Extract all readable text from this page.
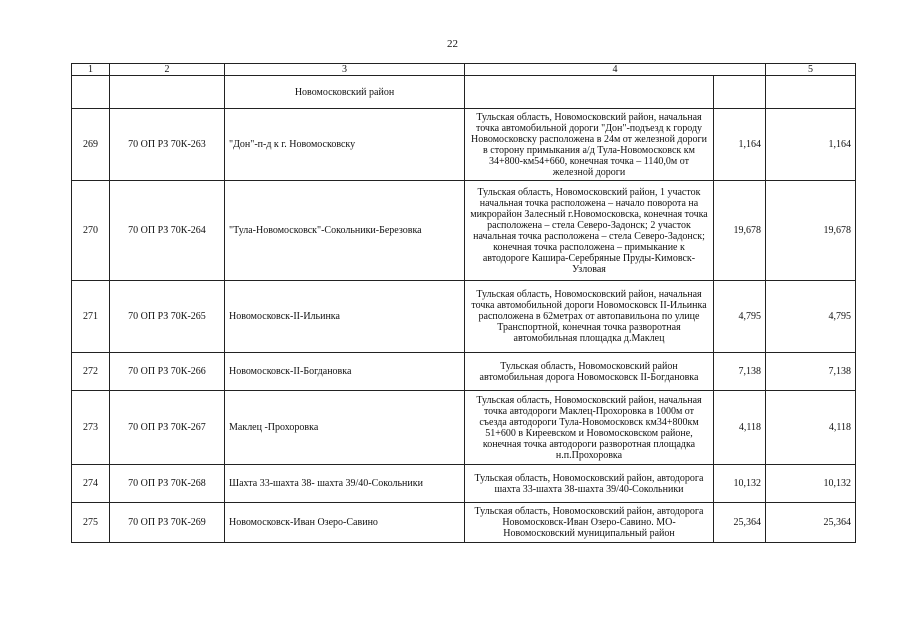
22
1	2	3	4		5
		Новомосковский район			
269	70 ОП РЗ 70К-263	"Дон"-п-д к г. Новомосковску	Тульская область, Новомосковский район, начальная точка автомобильной дороги "Дон"-подъезд к городу Новомосковску расположена в 24м от железной дороги в сторону примыкания а/д Тула-Новомосковск км 34+800-км54+660, конечная точка – 1140,0м от железной дороги	1,164	1,164
270	70 ОП РЗ 70К-264	"Тула-Новомосковск"-Сокольники-Березовка	Тульская область, Новомосковский район, 1 участок начальная точка расположена – начало поворота на микрорайон Залесный г.Новомосковска, конечная точка расположена – стела Северо-Задонск; 2 участок начальная точка расположена – стела Северо-Задонск; конечная точка расположена – примыкание к автодороге Кашира-Серебряные Пруды-Кимовск-Узловая	19,678	19,678
271	70 ОП РЗ 70К-265	Новомосковск-II-Ильинка	Тульская область, Новомосковский район, начальная точка автомобильной дороги Новомосковск II-Ильинка расположена в 62метрах от автопавильона по улице Транспортной, конечная точка разворотная автомобильная площадка д.Маклец	4,795	4,795
272	70 ОП РЗ 70К-266	Новомосковск-II-Богдановка	Тульская область, Новомосковский район автомобильная дорога Новомосковск II-Богдановка	7,138	7,138
273	70 ОП РЗ 70К-267	Маклец -Прохоровка	Тульская область, Новомосковский район, начальная точка автодороги Маклец-Прохоровка в 1000м от съезда автодороги Тула-Новомосковск км34+800км 51+600 в Киреевском и Новомосковском районе, конечная точка автодороги разворотная площадка н.п.Прохоровка	4,118	4,118
274	70 ОП РЗ 70К-268	Шахта 33-шахта 38- шахта 39/40-Сокольники	Тульская область, Новомосковский район, автодорога шахта 33-шахта 38-шахта 39/40-Сокольники	10,132	10,132
275	70 ОП РЗ 70К-269	Новомосковск-Иван Озеро-Савино	Тульская область, Новомосковский район, автодорога Новомосковск-Иван Озеро-Савино. МО-Новомосковский муниципальный район	25,364	25,364
